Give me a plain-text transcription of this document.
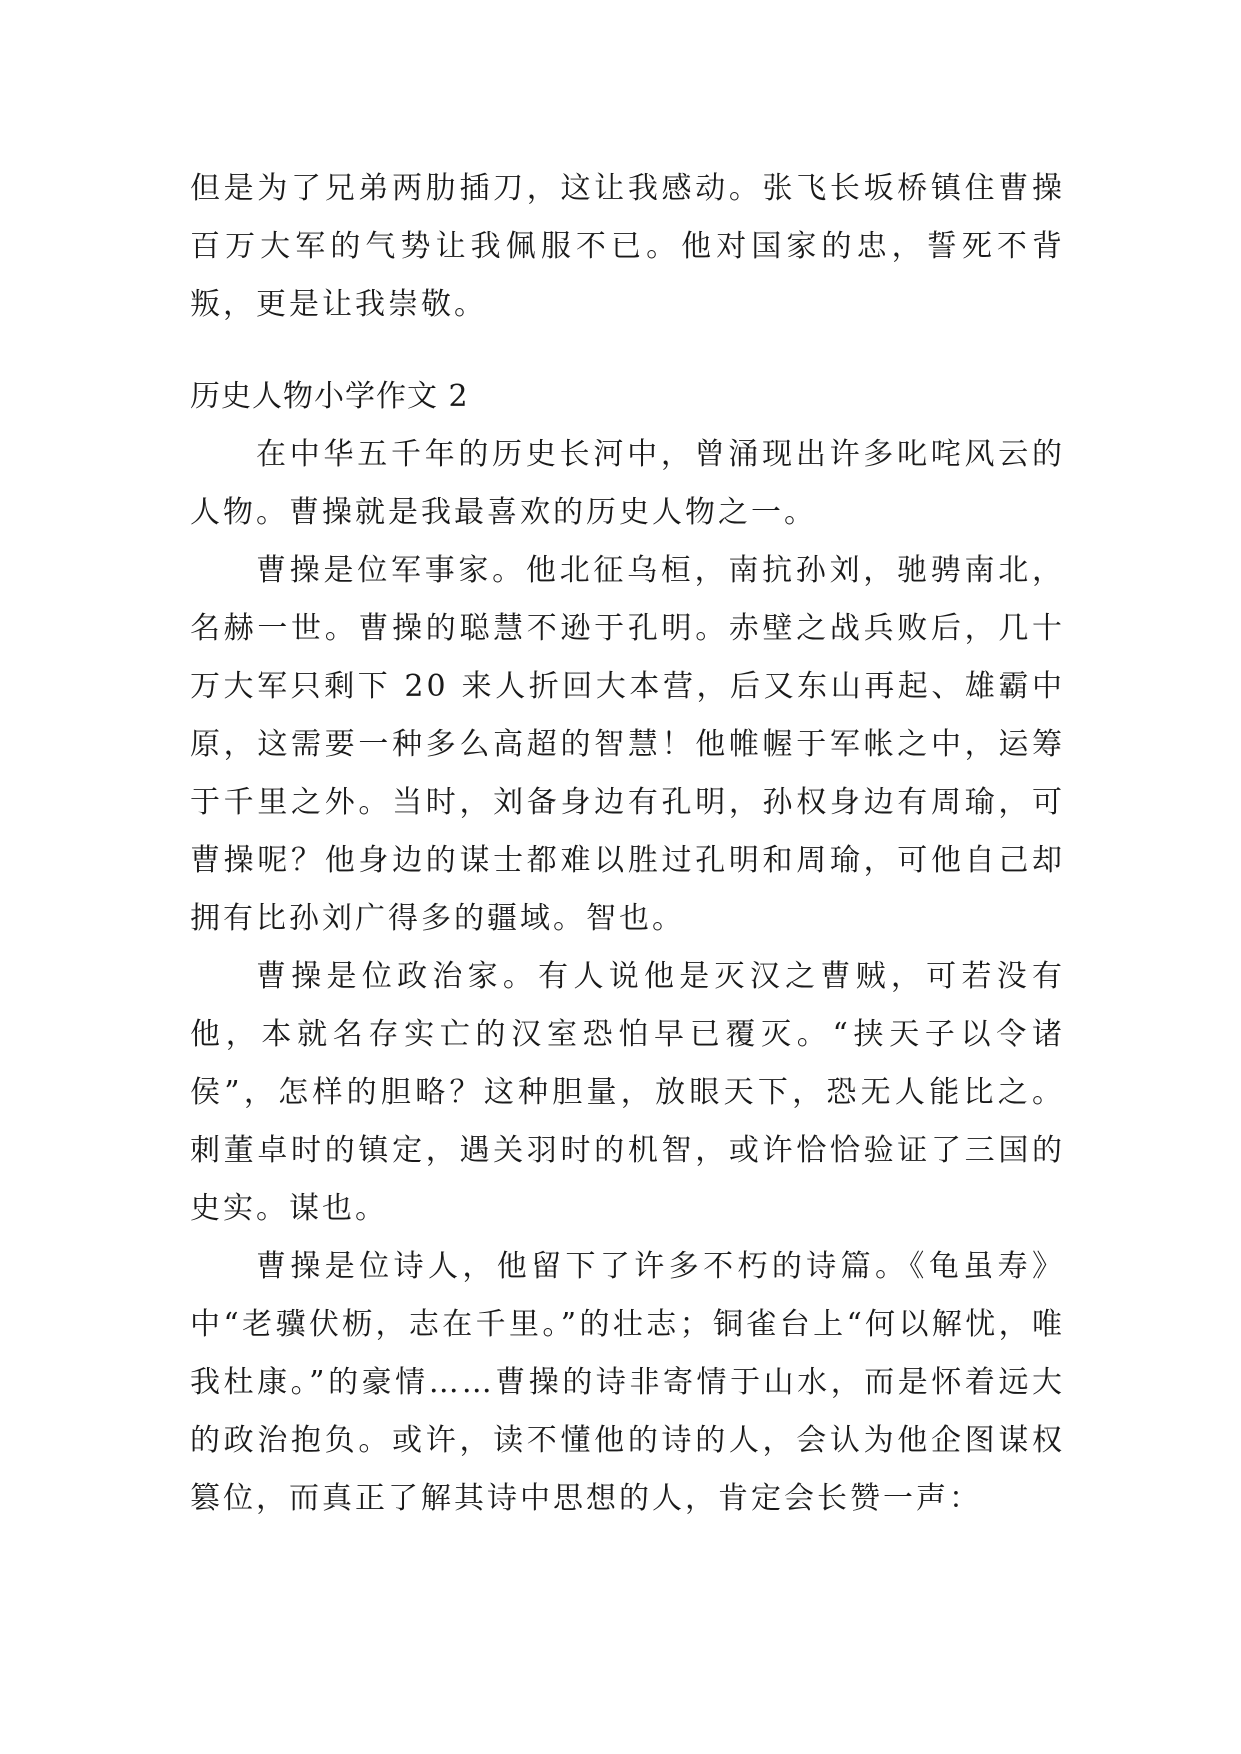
但是为了兄弟两肋插刀，这让我感动。张飞长坂桥镇住曹操百万大军的气势让我佩服不已。他对国家的忠，誓死不背叛，更是让我崇敬。

历史人物小学作文 2

在中华五千年的历史长河中，曾涌现出许多叱咤风云的人物。曹操就是我最喜欢的历史人物之一。

曹操是位军事家。他北征乌桓，南抗孙刘，驰骋南北，名赫一世。曹操的聪慧不逊于孔明。赤壁之战兵败后，几十万大军只剩下 20 来人折回大本营，后又东山再起、雄霸中原，这需要一种多么高超的智慧！他帷幄于军帐之中，运筹于千里之外。当时，刘备身边有孔明，孙权身边有周瑜，可曹操呢？他身边的谋士都难以胜过孔明和周瑜，可他自己却拥有比孙刘广得多的疆域。智也。

曹操是位政治家。有人说他是灭汉之曹贼，可若没有他，本就名存实亡的汉室恐怕早已覆灭。“挟天子以令诸侯”，怎样的胆略？这种胆量，放眼天下，恐无人能比之。刺董卓时的镇定，遇关羽时的机智，或许恰恰验证了三国的史实。谋也。

曹操是位诗人，他留下了许多不朽的诗篇。《龟虽寿》中“老骥伏枥，志在千里。”的壮志；铜雀台上“何以解忧，唯我杜康。”的豪情……曹操的诗非寄情于山水，而是怀着远大的政治抱负。或许，读不懂他的诗的人，会认为他企图谋权篡位，而真正了解其诗中思想的人，肯定会长赞一声：
